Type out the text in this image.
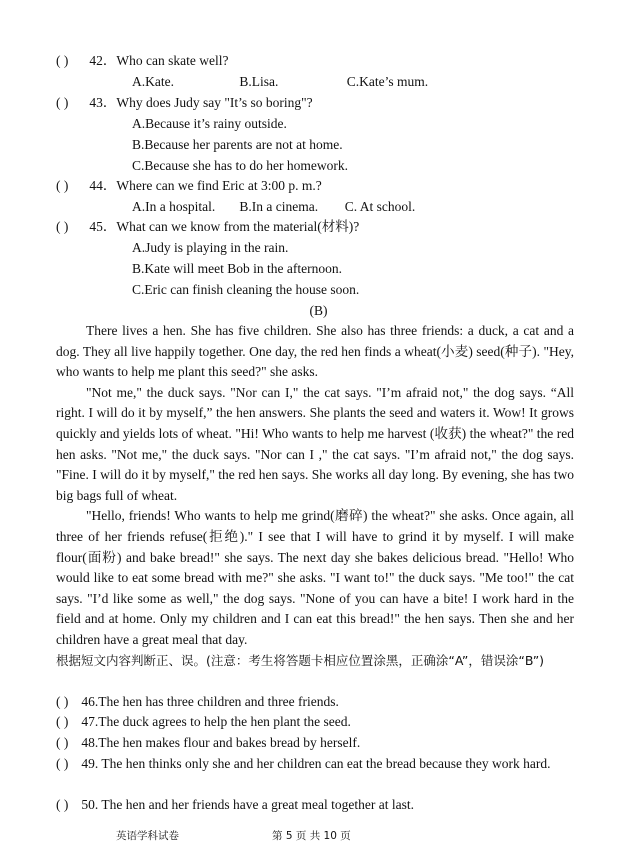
( ) 42．Who can skate well?
A.Kate.	B.Lisa.	C.Kate’s mum.
( ) 43．Why does Judy say "It’s so boring"?
A.Because it’s rainy outside.
B.Because her parents are not at home.
C.Because she has to do her homework.
( ) 44．Where can we find Eric at 3:00 p. m.?
A.In a hospital. B.In a cinema. C. At school.
( ) 45．What can we know from the material(材料)?
A.Judy is playing in the rain.
B.Kate will meet Bob in the afternoon.
C.Eric can finish cleaning the house soon.
(B)

There lives a hen. She has five children. She also has three friends: a duck, a cat and a dog. They all live happily together. One day, the red hen finds a wheat(小麦) seed(种子). "Hey, who wants to help me plant this seed?" she asks.

"Not me," the duck says. "Nor can I," the cat says. "I’m afraid not," the dog says. “All right. I will do it by myself,” the hen answers. She plants the seed and waters it. Wow! It grows quickly and yields lots of wheat. "Hi! Who wants to help me harvest (收获) the wheat?" the red hen asks. "Not me," the duck says. "Nor can I ," the cat says. "I’m afraid not," the dog says. "Fine. I will do it by myself," the red hen says. She works all day long. By evening, she has two big bags full of wheat.

"Hello, friends! Who wants to help me grind(磨碎) the wheat?" she asks. Once again, all three of her friends refuse(拒绝)." I see that I will have to grind it by myself. I will make flour(面粉) and bake bread!" she says. The next day she bakes delicious bread. "Hello! Who would like to eat some bread with me?" she asks. "I want to!" the duck says. "Me too!" the cat says. "I’d like some as well," the dog says. "None of you can have a bite! I work hard in the field and at home. Only my children and I can eat this bread!" the hen says. Then she and her children have a great meal that day.

根据短文内容判断正、误。(注意：考生将答题卡相应位置涂黑，正确涂“A”，错误涂“B”)
( ) 46.The hen has three children and three friends.
( ) 47.The duck agrees to help the hen plant the seed.
( ) 48.The hen makes flour and bakes bread by herself.
( ) 49. The hen thinks only she and her children can eat the bread because they work hard.
( ) 50. The hen and her friends have a great meal together at last.
英语学科试卷	第 5 页 共 10 页
